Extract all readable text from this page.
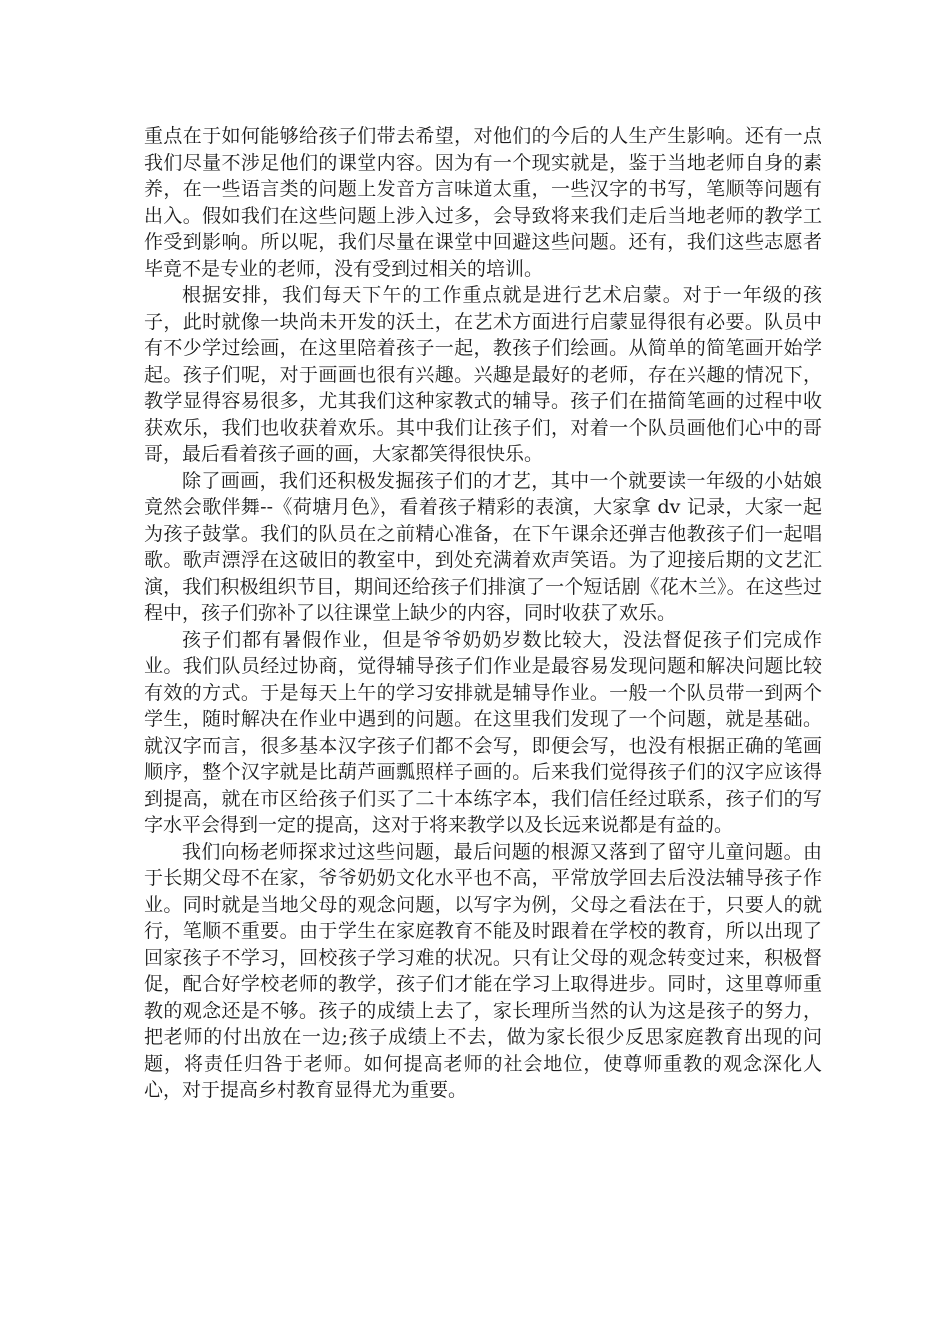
重点在于如何能够给孩子们带去希望，对他们的今后的人生产生影响。还有一点我们尽量不涉足他们的课堂内容。因为有一个现实就是，鉴于当地老师自身的素养，在一些语言类的问题上发音方言味道太重，一些汉字的书写，笔顺等问题有出入。假如我们在这些问题上涉入过多，会导致将来我们走后当地老师的教学工作受到影响。所以呢，我们尽量在课堂中回避这些问题。还有，我们这些志愿者毕竟不是专业的老师，没有受到过相关的培训。

根据安排，我们每天下午的工作重点就是进行艺术启蒙。对于一年级的孩子，此时就像一块尚未开发的沃土，在艺术方面进行启蒙显得很有必要。队员中有不少学过绘画，在这里陪着孩子一起，教孩子们绘画。从简单的简笔画开始学起。孩子们呢，对于画画也很有兴趣。兴趣是最好的老师，存在兴趣的情况下，教学显得容易很多，尤其我们这种家教式的辅导。孩子们在描简笔画的过程中收获欢乐，我们也收获着欢乐。其中我们让孩子们，对着一个队员画他们心中的哥哥，最后看着孩子画的画，大家都笑得很快乐。

除了画画，我们还积极发掘孩子们的才艺，其中一个就要读一年级的小姑娘竟然会歌伴舞--《荷塘月色》，看着孩子精彩的表演，大家拿 dv 记录，大家一起为孩子鼓掌。我们的队员在之前精心准备，在下午课余还弹吉他教孩子们一起唱歌。歌声漂浮在这破旧的教室中，到处充满着欢声笑语。为了迎接后期的文艺汇演，我们积极组织节目，期间还给孩子们排演了一个短话剧《花木兰》。在这些过程中，孩子们弥补了以往课堂上缺少的内容，同时收获了欢乐。

孩子们都有暑假作业，但是爷爷奶奶岁数比较大，没法督促孩子们完成作业。我们队员经过协商，觉得辅导孩子们作业是最容易发现问题和解决问题比较有效的方式。于是每天上午的学习安排就是辅导作业。一般一个队员带一到两个学生，随时解决在作业中遇到的问题。在这里我们发现了一个问题，就是基础。就汉字而言，很多基本汉字孩子们都不会写，即便会写，也没有根据正确的笔画顺序，整个汉字就是比葫芦画瓢照样子画的。后来我们觉得孩子们的汉字应该得到提高，就在市区给孩子们买了二十本练字本，我们信任经过联系，孩子们的写字水平会得到一定的提高，这对于将来教学以及长远来说都是有益的。

我们向杨老师探求过这些问题，最后问题的根源又落到了留守儿童问题。由于长期父母不在家，爷爷奶奶文化水平也不高，平常放学回去后没法辅导孩子作业。同时就是当地父母的观念问题，以写字为例，父母之看法在于，只要人的就行，笔顺不重要。由于学生在家庭教育不能及时跟着在学校的教育，所以出现了回家孩子不学习，回校孩子学习难的状况。只有让父母的观念转变过来，积极督促，配合好学校老师的教学，孩子们才能在学习上取得进步。同时，这里尊师重教的观念还是不够。孩子的成绩上去了，家长理所当然的认为这是孩子的努力，把老师的付出放在一边;孩子成绩上不去，做为家长很少反思家庭教育出现的问题，将责任归咎于老师。如何提高老师的社会地位，使尊师重教的观念深化人心，对于提高乡村教育显得尤为重要。
